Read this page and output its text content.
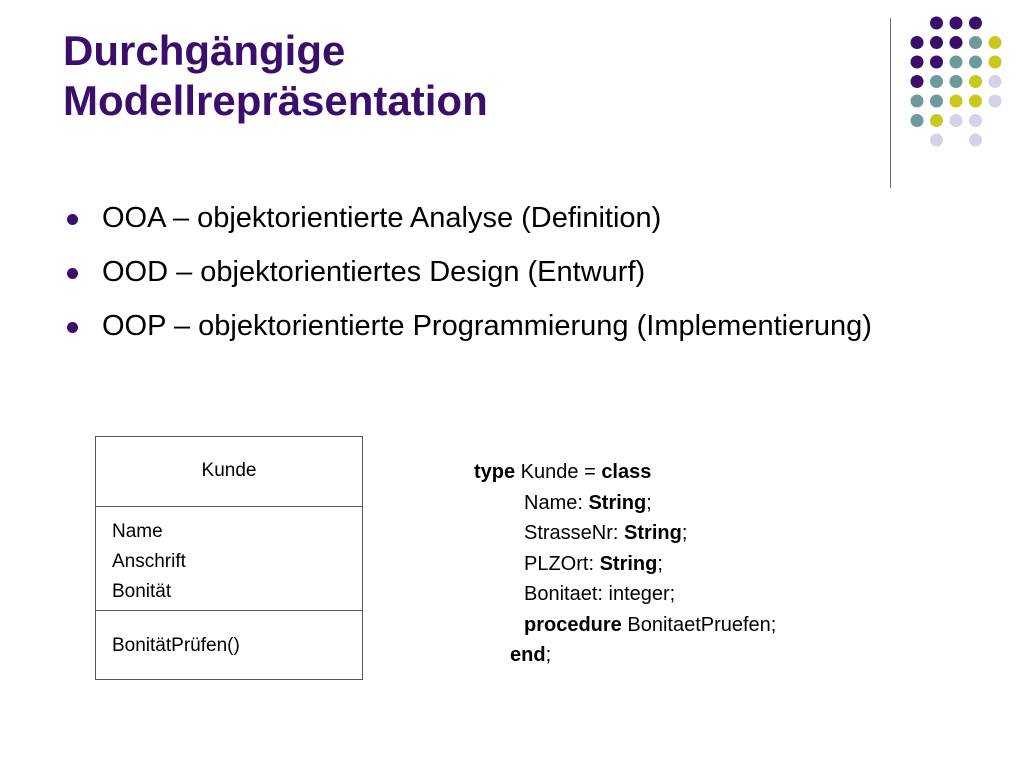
Durchgängige
Modellrepräsentation
OOA – objektorientierte Analyse (Definition)
OOD – objektorientiertes Design (Entwurf)
OOP – objektorientierte Programmierung (Implementierung)
Kunde
Name
Anschrift
Bonität
BonitätPrüfen()
type Kunde = class
Name: String;
StrasseNr: String;
PLZOrt: String;
Bonitaet: integer;
procedure BonitaetPruefen;
end;
